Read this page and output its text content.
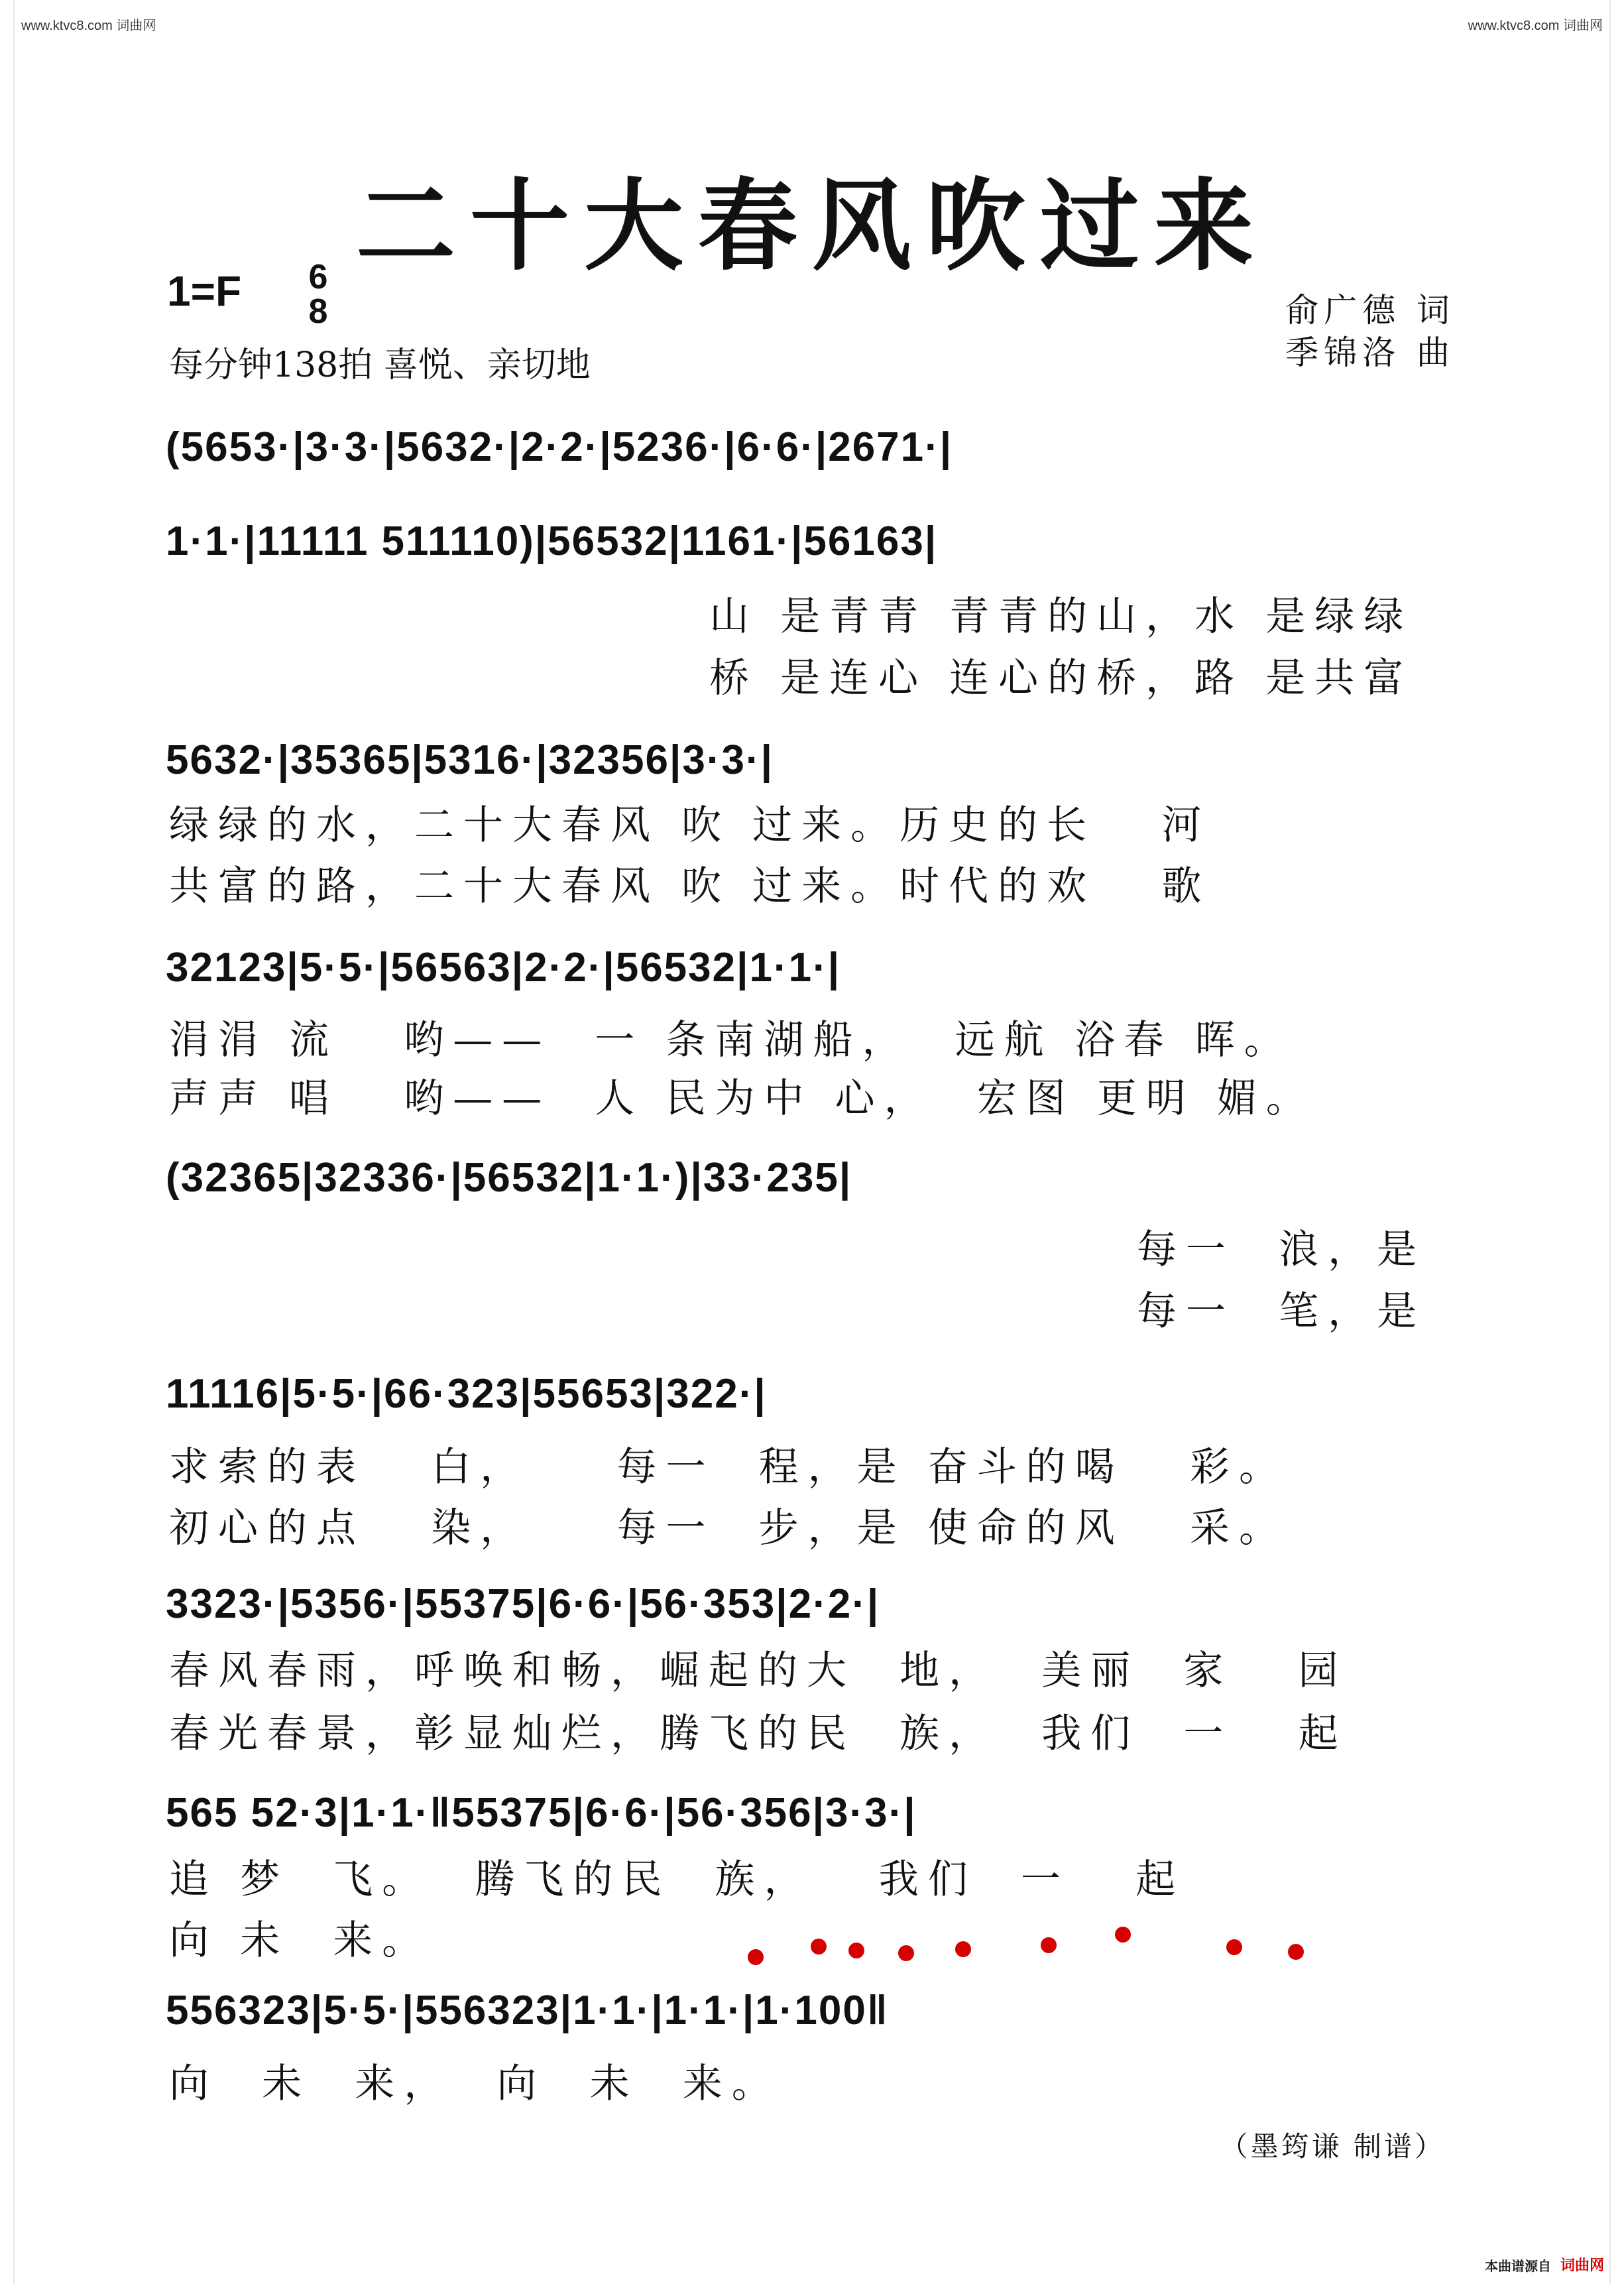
www.ktvc8.com 词曲网	www.ktvc8.com 词曲网
二十大春风吹过来
1=F 6
8
每分钟138拍 喜悦、亲切地
俞广德 词
季锦洛 曲
(5653·|3·3·|5632·|2·2·|5236·|6·6·|2671·|
1·1·|11111 511110)|56532|1161·|56163|
山 是青青 青青的山，水 是绿绿
桥 是连心 连心的桥，路 是共富
5632·|35365|5316·|32356|3·3·|
绿绿的水，二十大春风 吹 过来。历史的长   河
共富的路，二十大春风 吹 过来。时代的欢   歌
32123|5·5·|56563|2·2·|56532|1·1·|
涓涓 流   哟——  一 条南湖船，  远航 浴春 晖。
声声 唱   哟——  人 民为中 心，  宏图 更明 媚。
(32365|32336·|56532|1·1·)|33·235|
每一  浪，是
每一  笔，是
11116|5·5·|66·323|55653|322·|
求索的表   白，    每一  程，是 奋斗的喝   彩。
初心的点   染，    每一  步，是 使命的风   采。
3323·|5356·|55375|6·6·|56·353|2·2·|
春风春雨，呼唤和畅，崛起的大  地，  美丽  家   园
春光春景，彰显灿烂，腾飞的民  族，  我们  一   起
565 52·3|1·1·‖55375|6·6·|56·356|3·3·|
追 梦  飞。  腾飞的民  族，   我们  一   起
向 未  来。
556323|5·5·|556323|1·1·|1·1·|1·100‖
向  未  来，  向  未  来。
（墨筠谦 制谱）
本曲谱源自 词曲网
